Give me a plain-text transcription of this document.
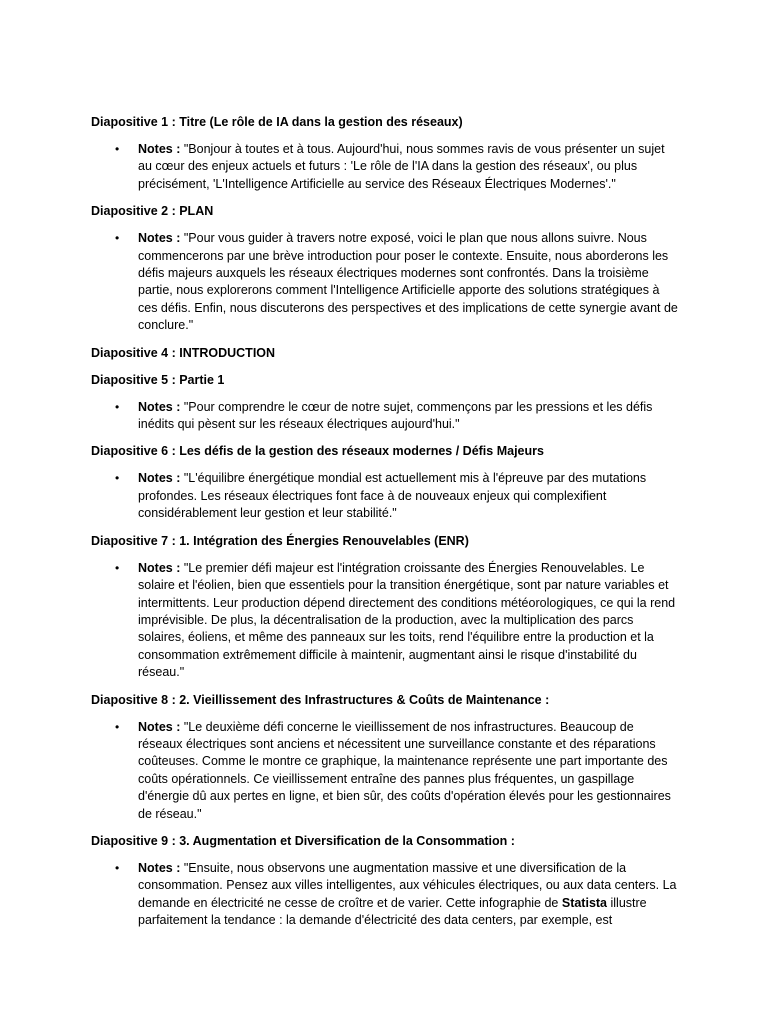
Diapositive 1 : Titre (Le rôle de IA dans la gestion des réseaux)

• Notes : "Bonjour à toutes et à tous. Aujourd'hui, nous sommes ravis de vous présenter un sujet au cœur des enjeux actuels et futurs : 'Le rôle de l'IA dans la gestion des réseaux', ou plus précisément, 'L'Intelligence Artificielle au service des Réseaux Électriques Modernes'."

Diapositive 2 : PLAN

• Notes : "Pour vous guider à travers notre exposé, voici le plan que nous allons suivre. Nous commencerons par une brève introduction pour poser le contexte. Ensuite, nous aborderons les défis majeurs auxquels les réseaux électriques modernes sont confrontés. Dans la troisième partie, nous explorerons comment l'Intelligence Artificielle apporte des solutions stratégiques à ces défis. Enfin, nous discuterons des perspectives et des implications de cette synergie avant de conclure."

Diapositive 4 : INTRODUCTION

Diapositive 5 : Partie 1

• Notes : "Pour comprendre le cœur de notre sujet, commençons par les pressions et les défis inédits qui pèsent sur les réseaux électriques aujourd'hui."

Diapositive 6 : Les défis de la gestion des réseaux modernes / Défis Majeurs

• Notes : "L'équilibre énergétique mondial est actuellement mis à l'épreuve par des mutations profondes. Les réseaux électriques font face à de nouveaux enjeux qui complexifient considérablement leur gestion et leur stabilité."

Diapositive 7 : 1. Intégration des Énergies Renouvelables (ENR)

• Notes : "Le premier défi majeur est l'intégration croissante des Énergies Renouvelables. Le solaire et l'éolien, bien que essentiels pour la transition énergétique, sont par nature variables et intermittents. Leur production dépend directement des conditions météorologiques, ce qui la rend imprévisible. De plus, la décentralisation de la production, avec la multiplication des parcs solaires, éoliens, et même des panneaux sur les toits, rend l'équilibre entre la production et la consommation extrêmement difficile à maintenir, augmentant ainsi le risque d'instabilité du réseau."

Diapositive 8 : 2. Vieillissement des Infrastructures & Coûts de Maintenance :

• Notes : "Le deuxième défi concerne le vieillissement de nos infrastructures. Beaucoup de réseaux électriques sont anciens et nécessitent une surveillance constante et des réparations coûteuses. Comme le montre ce graphique, la maintenance représente une part importante des coûts opérationnels. Ce vieillissement entraîne des pannes plus fréquentes, un gaspillage d'énergie dû aux pertes en ligne, et bien sûr, des coûts d'opération élevés pour les gestionnaires de réseau."

Diapositive 9 : 3. Augmentation et Diversification de la Consommation :

• Notes : "Ensuite, nous observons une augmentation massive et une diversification de la consommation. Pensez aux villes intelligentes, aux véhicules électriques, ou aux data centers. La demande en électricité ne cesse de croître et de varier. Cette infographie de Statista illustre parfaitement la tendance : la demande d'électricité des data centers, par exemple, est
